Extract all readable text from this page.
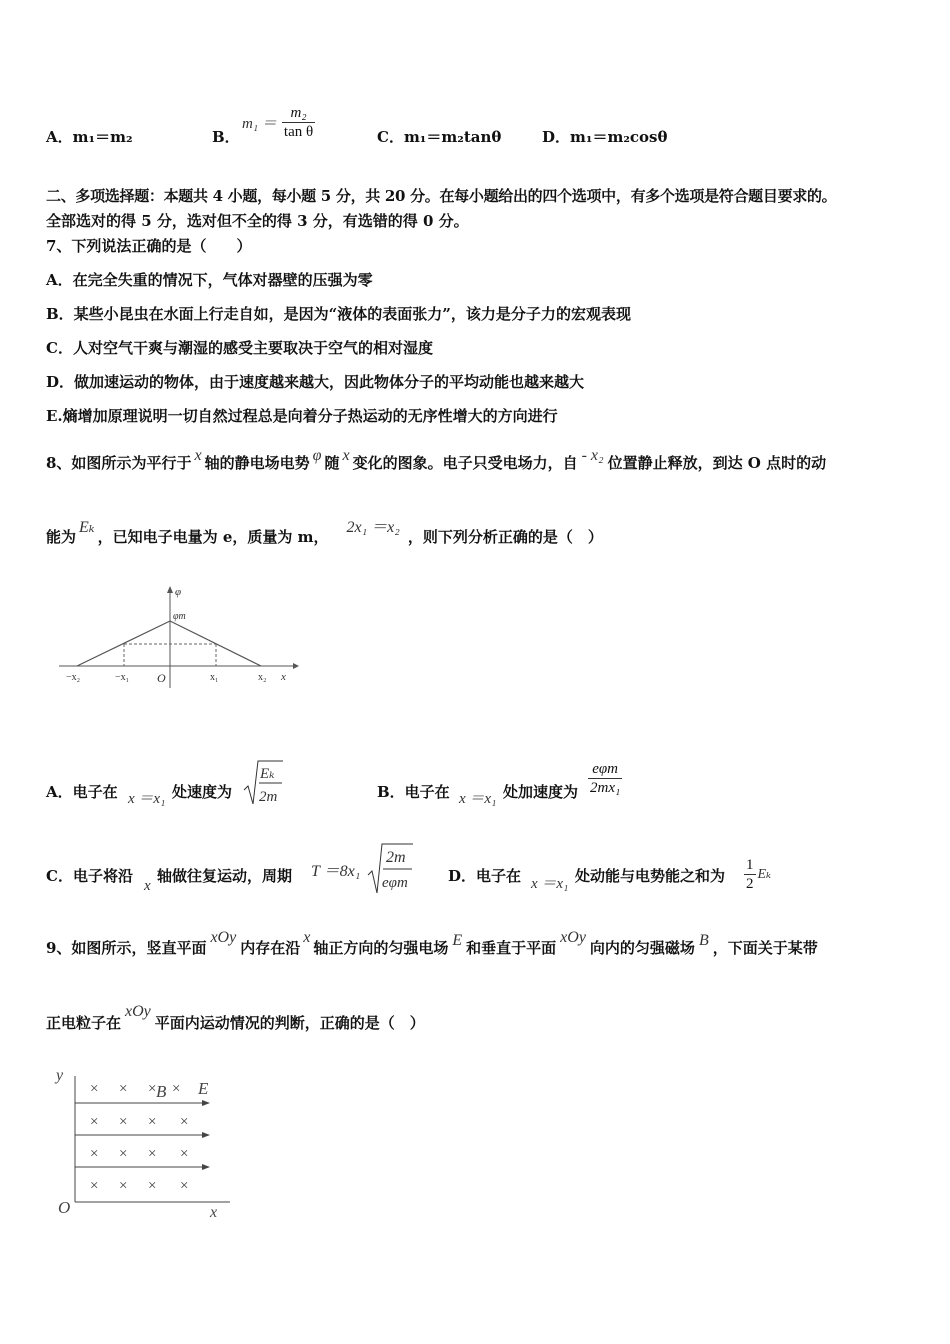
A．m₁＝m₂	B．
$m_1 = \frac{\text{m₂}}{\text{tan θ}}$	C．m₁＝m₂tanθ	D．m₁＝m₂cosθ
二、多项选择题：本题共 4 小题，每小题 5 分，共 20 分。在每小题给出的四个选项中，有多个选项是符合题目要求的。
全部选对的得 5 分，选对但不全的得 3 分，有选错的得 0 分。
7、下列说法正确的是（　　）
A．在完全失重的情况下，气体对器壁的压强为零
B．某些小昆虫在水面上行走自如，是因为“液体的表面张力”，该力是分子力的宏观表现
C．人对空气干爽与潮湿的感受主要取决于空气的相对湿度
D．做加速运动的物体，由于速度越来越大，因此物体分子的平均动能也越来越大
E.熵增加原理说明一切自然过程总是向着分子热运动的无序性增大的方向进行
8、如图所示为平行于 x 轴的静电场电势 φ 随 x 变化的图象。电子只受电场力，自 - x₂ 位置静止释放，到达 O 点时的动
能为Eₖ，已知电子电量为 e，质量为 m，2x₁ ＝x₂，则下列分析正确的是（　）
φ
φm
−x₂	−x₁ O	x₁	x₂ x
A．电子在 x ＝x₁ 处速度为
Eₖ
2m	B．电子在 x ＝x₁ 处加速度为 $\frac{\text{eφm}}{\text{2mx₁}}$
C．电子将沿
x
轴做往复运动，周期 T ＝8x₁
2m
eφm	D．电子在 x ＝x₁ 处动能与电势能之和为 $\frac{1}{2}$ Eₖ
9、如图所示，竖直平面xOy内存在沿x轴正方向的匀强电场 E 和垂直于平面xOy向内的匀强磁场 B ，下面关于某带
正电粒子在xOy平面内运动情况的判断，正确的是（　）
y
O	x
E
× × ×
× × × ×
× × × ×
× × × ×
×
B
